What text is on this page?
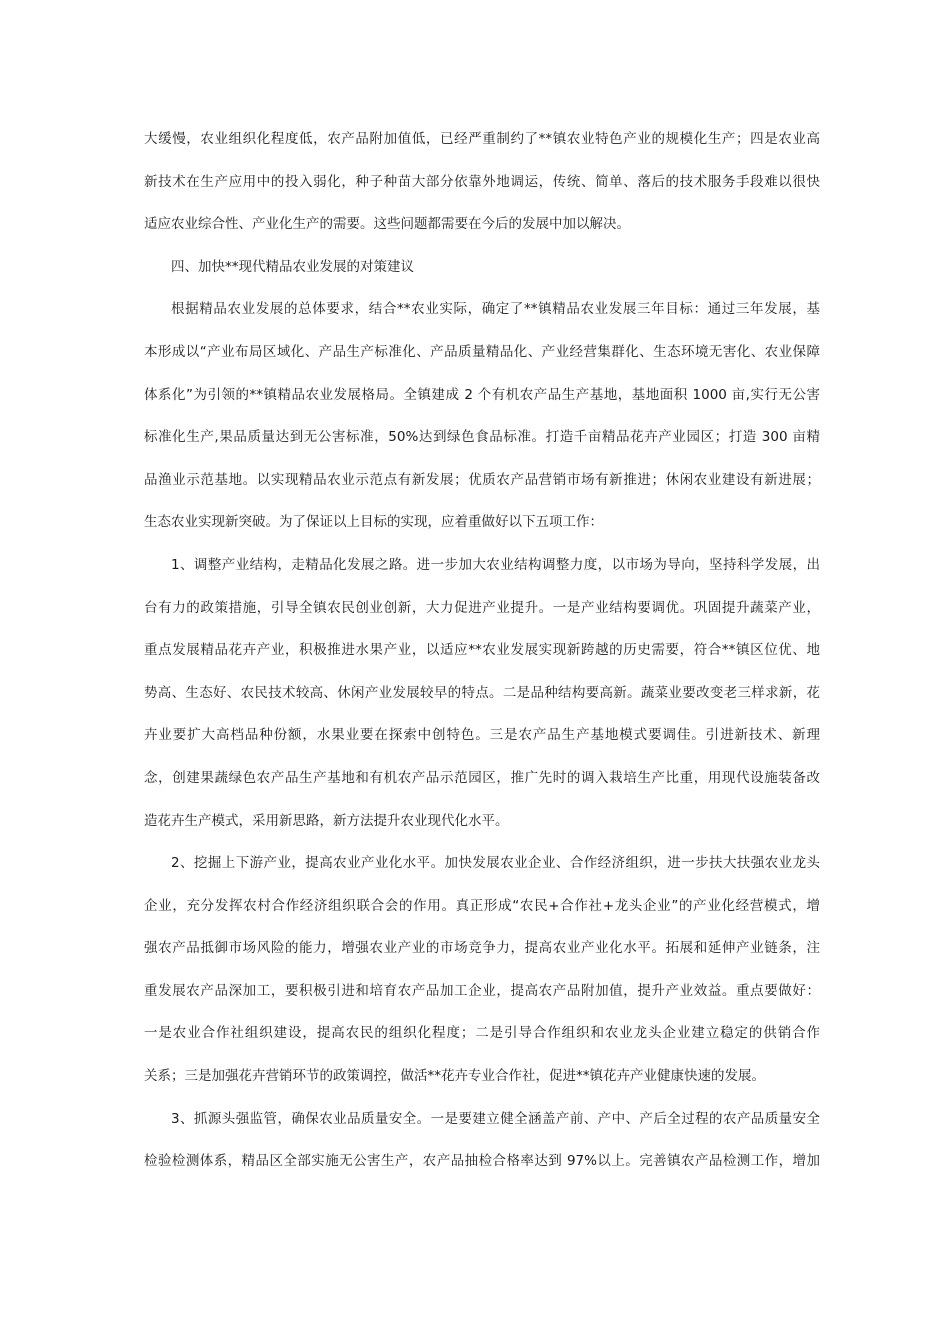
大缓慢，农业组织化程度低，农产品附加值低，已经严重制约了**镇农业特色产业的规模化生产；四是农业高
新技术在生产应用中的投入弱化，种子种苗大部分依靠外地调运，传统、简单、落后的技术服务手段难以很快
适应农业综合性、产业化生产的需要。这些问题都需要在今后的发展中加以解决。
四、加快**现代精品农业发展的对策建议
根据精品农业发展的总体要求，结合**农业实际，确定了**镇精品农业发展三年目标：通过三年发展，基
本形成以“产业布局区域化、产品生产标准化、产品质量精品化、产业经营集群化、生态环境无害化、农业保障
体系化”为引领的**镇精品农业发展格局。全镇建成 2 个有机农产品生产基地，基地面积 1000 亩,实行无公害
标准化生产,果品质量达到无公害标准，50%达到绿色食品标准。打造千亩精品花卉产业园区；打造 300 亩精
品渔业示范基地。以实现精品农业示范点有新发展；优质农产品营销市场有新推进；休闲农业建设有新进展；
生态农业实现新突破。为了保证以上目标的实现，应着重做好以下五项工作：
1、调整产业结构，走精品化发展之路。进一步加大农业结构调整力度，以市场为导向，坚持科学发展，出
台有力的政策措施，引导全镇农民创业创新，大力促进产业提升。一是产业结构要调优。巩固提升蔬菜产业，
重点发展精品花卉产业，积极推进水果产业，以适应**农业发展实现新跨越的历史需要，符合**镇区位优、地
势高、生态好、农民技术较高、休闲产业发展较早的特点。二是品种结构要高新。蔬菜业要改变老三样求新，花
卉业要扩大高档品种份额，水果业要在探索中创特色。三是农产品生产基地模式要调佳。引进新技术、新理
念，创建果蔬绿色农产品生产基地和有机农产品示范园区，推广先时的调入栽培生产比重，用现代设施装备改
造花卉生产模式，采用新思路，新方法提升农业现代化水平。
2、挖掘上下游产业，提高农业产业化水平。加快发展农业企业、合作经济组织，进一步扶大扶强农业龙头
企业，充分发挥农村合作经济组织联合会的作用。真正形成“农民+合作社+龙头企业”的产业化经营模式，增
强农产品抵御市场风险的能力，增强农业产业的市场竞争力，提高农业产业化水平。拓展和延伸产业链条，注
重发展农产品深加工，要积极引进和培育农产品加工企业，提高农产品附加值，提升产业效益。重点要做好：
一是农业合作社组织建设，提高农民的组织化程度；二是引导合作组织和农业龙头企业建立稳定的供销合作
关系；三是加强花卉营销环节的政策调控，做活**花卉专业合作社，促进**镇花卉产业健康快速的发展。
3、抓源头强监管，确保农业品质量安全。一是要建立健全涵盖产前、产中、产后全过程的农产品质量安全
检验检测体系，精品区全部实施无公害生产，农产品抽检合格率达到 97%以上。完善镇农产品检测工作，增加
